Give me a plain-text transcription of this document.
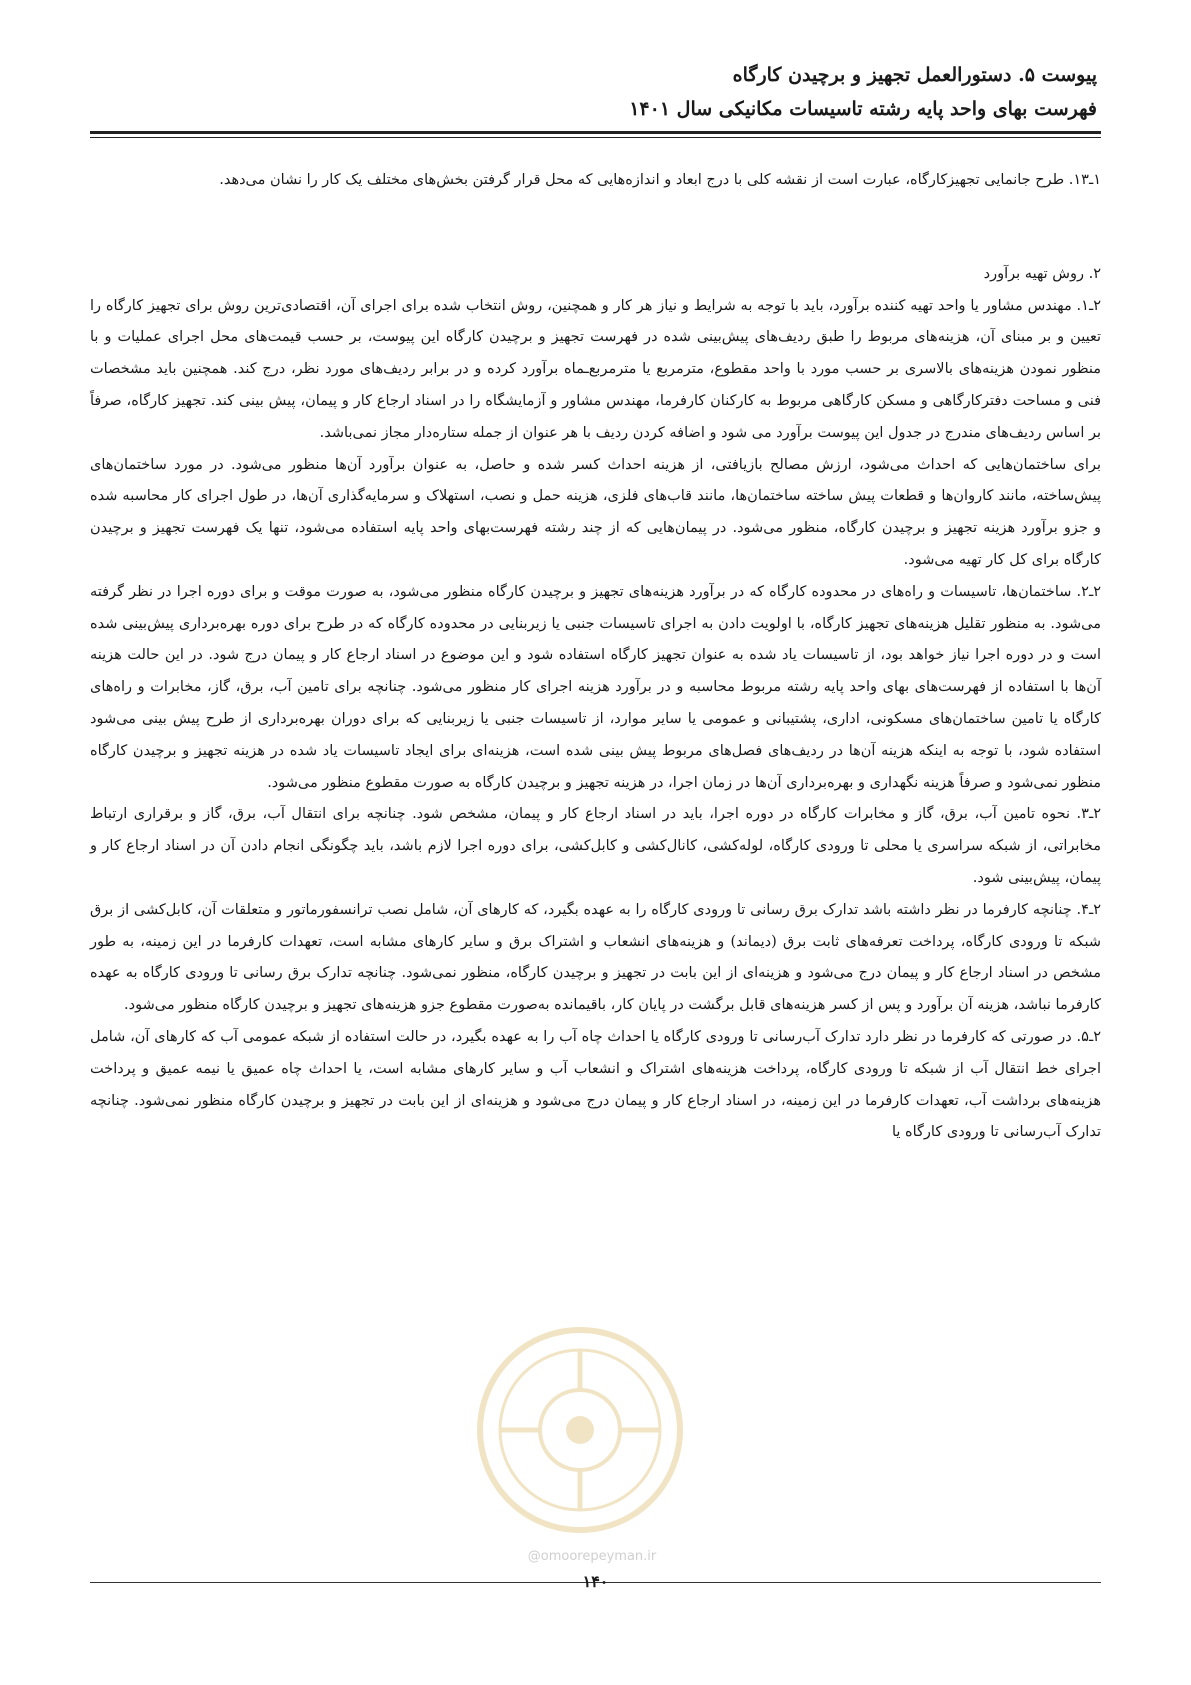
پیوست ۵. دستورالعمل تجهیز و برچیدن کارگاه
فهرست بهای واحد پایه رشته تاسیسات مکانیکی سال ۱۴۰۱

۱ـ۱۳. طرح جانمایی تجهیزکارگاه، عبارت است از نقشه کلی با درج ابعاد و اندازه‌هایی که محل قرار گرفتن بخش‌های مختلف یک کار را نشان می‌دهد.

۲. روش تهیه برآورد

۲ـ۱. مهندس مشاور یا واحد تهیه کننده برآورد، باید با توجه به شرایط و نیاز هر کار و همچنین، روش انتخاب شده برای اجرای آن، اقتصادی‌ترین روش برای تجهیز کارگاه را تعیین و بر مبنای آن، هزینه‌های مربوط را طبق ردیف‌های پیش‌بینی شده در فهرست تجهیز و برچیدن کارگاه این پیوست، بر حسب قیمت‌های محل اجرای عملیات و با منظور نمودن هزینه‌های بالاسری بر حسب مورد با واحد مقطوع، مترمربع یا مترمربع‌ـماه برآورد کرده و در برابر ردیف‌های مورد نظر، درج کند. همچنین باید مشخصات فنی و مساحت دفترکارگاهی و مسکن کارگاهی مربوط به کارکنان کارفرما، مهندس مشاور و آزمایشگاه را در اسناد ارجاع کار و پیمان، پیش بینی کند. تجهیز کارگاه، صرفاً بر اساس ردیف‌های مندرج در جدول این پیوست برآورد می شود و اضافه کردن ردیف با هر عنوان از جمله ستاره‌دار مجاز نمی‌باشد.

برای ساختمان‌هایی که احداث می‌شود، ارزش مصالح بازیافتی، از هزینه احداث کسر شده و حاصل، به عنوان برآورد آن‌ها منظور می‌شود. در مورد ساختمان‌های پیش‌ساخته، مانند کاروان‌ها و قطعات پیش ساخته ساختمان‌ها، مانند قاب‌های فلزی، هزینه حمل و نصب، استهلاک و سرمایه‌گذاری آن‌ها، در طول اجرای کار محاسبه شده و جزو برآورد هزینه تجهیز و برچیدن کارگاه، منظور می‌شود. در پیمان‌هایی که از چند رشته فهرست‌بهای واحد پایه استفاده می‌شود، تنها یک فهرست تجهیز و برچیدن کارگاه برای کل کار تهیه می‌شود.

۲ـ۲. ساختمان‌ها، تاسیسات و راه‌های در محدوده کارگاه که در برآورد هزینه‌های تجهیز و برچیدن کارگاه منظور می‌شود، به صورت موقت و برای دوره اجرا در نظر گرفته می‌شود. به منظور تقلیل هزینه‌های تجهیز کارگاه، با اولویت دادن به اجرای تاسیسات جنبی یا زیربنایی در محدوده کارگاه که در طرح برای دوره بهره‌برداری پیش‌بینی شده است و در دوره اجرا نیاز خواهد بود، از تاسیسات یاد شده به عنوان تجهیز کارگاه استفاده شود و این موضوع در اسناد ارجاع کار و پیمان درج شود. در این حالت هزینه آن‌ها با استفاده از فهرست‌های بهای واحد پایه رشته مربوط محاسبه و در برآورد هزینه اجرای کار منظور می‌شود. چنانچه برای تامین آب، برق، گاز، مخابرات و راه‌های کارگاه یا تامین ساختمان‌های مسکونی، اداری، پشتیبانی و عمومی یا سایر موارد، از تاسیسات جنبی یا زیربنایی که برای دوران بهره‌برداری از طرح پیش بینی می‌شود استفاده شود، با توجه به اینکه هزینه آن‌ها در ردیف‌های فصل‌های مربوط پیش بینی شده است، هزینه‌ای برای ایجاد تاسیسات یاد شده در هزینه تجهیز و برچیدن کارگاه منظور نمی‌شود و صرفاً هزینه نگهداری و بهره‌برداری آن‌ها در زمان اجرا، در هزینه تجهیز و برچیدن کارگاه به صورت مقطوع منظور می‌شود.

۲ـ۳. نحوه تامین آب، برق، گاز و مخابرات کارگاه در دوره اجرا، باید در اسناد ارجاع کار و پیمان، مشخص شود. چنانچه برای انتقال آب، برق، گاز و برقراری ارتباط مخابراتی، از شبکه سراسری یا محلی تا ورودی کارگاه، لوله‌کشی، کانال‌کشی و کابل‌کشی، برای دوره اجرا لازم باشد، باید چگونگی انجام دادن آن در اسناد ارجاع کار و پیمان، پیش‌بینی شود.

۲ـ۴. چنانچه کارفرما در نظر داشته باشد تدارک برق رسانی تا ورودی کارگاه را به عهده بگیرد، که کارهای آن، شامل نصب ترانسفورماتور و متعلقات آن، کابل‌کشی از برق شبکه تا ورودی کارگاه، پرداخت تعرفه‌های ثابت برق (دیماند) و هزینه‌های انشعاب و اشتراک برق و سایر کارهای مشابه است، تعهدات کارفرما در این زمینه، به طور مشخص در اسناد ارجاع کار و پیمان درج می‌شود و هزینه‌ای از این بابت در تجهیز و برچیدن کارگاه، منظور نمی‌شود. چنانچه تدارک برق رسانی تا ورودی کارگاه به عهده کارفرما نباشد، هزینه آن برآورد و پس از کسر هزینه‌های قابل برگشت در پایان کار، باقیمانده به‌صورت مقطوع جزو هزینه‌های تجهیز و برچیدن کارگاه منظور می‌شود.

۲ـ۵. در صورتی که کارفرما در نظر دارد تدارک آب‌رسانی تا ورودی کارگاه یا احداث چاه آب را به عهده بگیرد، در حالت استفاده از شبکه عمومی آب که کارهای آن، شامل اجرای خط انتقال آب از شبکه تا ورودی کارگاه، پرداخت هزینه‌های اشتراک و انشعاب آب و سایر کارهای مشابه است، یا احداث چاه عمیق یا نیمه عمیق و پرداخت هزینه‌های برداشت آب، تعهدات کارفرما در این زمینه، در اسناد ارجاع کار و پیمان درج می‌شود و هزینه‌ای از این بابت در تجهیز و برچیدن کارگاه منظور نمی‌شود. چنانچه تدارک آب‌رسانی تا ورودی کارگاه یا

@omoorepeyman.ir
۱۴۰
